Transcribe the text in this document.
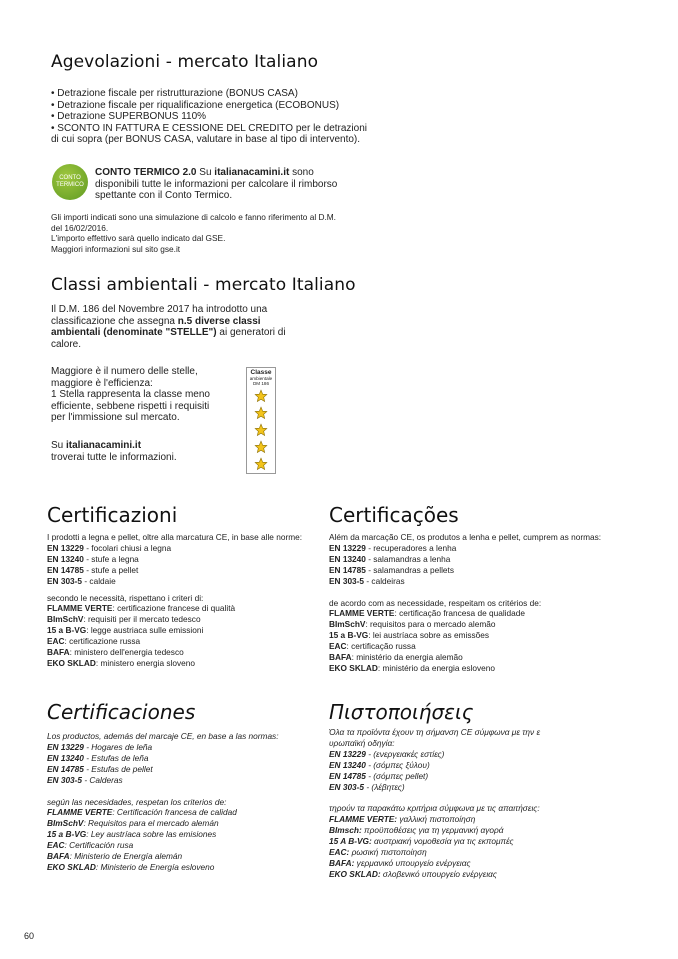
Agevolazioni - mercato Italiano
• Detrazione fiscale per ristrutturazione (BONUS CASA)
• Detrazione fiscale per riqualificazione energetica (ECOBONUS)
• Detrazione SUPERBONUS 110%
• SCONTO IN FATTURA E CESSIONE DEL CREDITO per le detrazioni
di cui sopra (per BONUS CASA, valutare in base al tipo di intervento).
CONTO
TERMICO
CONTO TERMICO 2.0 Su italianacamini.it sono
disponibili tutte le informazioni per calcolare il rimborso
spettante con il Conto Termico.
Gli importi indicati sono una simulazione di calcolo e fanno riferimento al D.M.
del 16/02/2016.
L'importo effettivo sarà quello indicato dal GSE.
Maggiori informazioni sul sito gse.it
Classi ambientali - mercato Italiano
Il D.M. 186 del Novembre 2017 ha introdotto una
classificazione che assegna n.5 diverse classi
ambientali (denominate "STELLE") ai generatori di
calore.
Maggiore è il numero delle stelle,
maggiore è l'efficienza:
1 Stella rappresenta la classe meno
efficiente, sebbene rispetti i requisiti
per l'immissione sul mercato.
Su italianacamini.it
troverai tutte le informazioni.
Classe
ambientale
DM 186
Certificazioni
I prodotti a legna e pellet, oltre alla marcatura CE, in base alle norme:
EN 13229 - focolari chiusi a legna
EN 13240 - stufe a legna
EN 14785 - stufe a pellet
EN 303-5 - caldaie
secondo le necessità, rispettano i criteri di:
FLAMME VERTE: certificazione francese di qualità
BImSchV: requisiti per il mercato tedesco
15 a B-VG: legge austriaca sulle emissioni
EAC: certificazione russa
BAFA: ministero dell'energia tedesco
EKO SKLAD: ministero energia sloveno
Certificações
Além da marcação CE, os produtos a lenha e pellet, cumprem as normas:
EN 13229 - recuperadores a lenha
EN 13240 - salamandras a lenha
EN 14785 - salamandras a pellets
EN 303-5 - caldeiras
de acordo com as necessidade, respeitam os critérios de:
FLAMME VERTE: certificação francesa de qualidade
BImSchV: requisitos para o mercado alemão
15 a B-VG: lei austríaca sobre as emissões
EAC: certificação russa
BAFA: ministério da energia alemão
EKO SKLAD: ministério da energia esloveno
Certificaciones
Los productos, además del marcaje CE, en base a las normas:
EN 13229 - Hogares de leña
EN 13240 - Estufas de leña
EN 14785 - Estufas de pellet
EN 303-5 - Calderas
según las necesidades, respetan los criterios de:
FLAMME VERTE: Certificación francesa de calidad
BImSchV: Requisitos para el mercado alemán
15 a B-VG: Ley austríaca sobre las emisiones
EAC: Certificación rusa
BAFA: Ministerio de Energía alemán
EKO SKLAD: Ministerio de Energía esloveno
Πιστοποιήσεις
Όλα τα προϊόντα έχουν τη σήμανση CE σύμφωνα με την ε
υρωπαϊκή οδηγία:
EN 13229 - (ενεργειακές εστίες)
EN 13240 - (σόμπες ξύλου)
EN 14785 - (σόμπες pellet)
EN 303-5 - (λέβητες)
τηρούν τα παρακάτω κριτήρια σύμφωνα με τις απαιτήσεις:
FLAMME VERTE: γαλλική πιστοποίηση
BImsch: προϋποθέσεις για τη γερμανική αγορά
15 A B-VG: αυστριακή νομοθεσία για τις εκπομπές
EAC: ρωσική πιστοποίηση
BAFA: γερμανικό υπουργείο ενέργειας
EKO SKLAD: σλοβενικό υπουργείο ενέργειας
60
